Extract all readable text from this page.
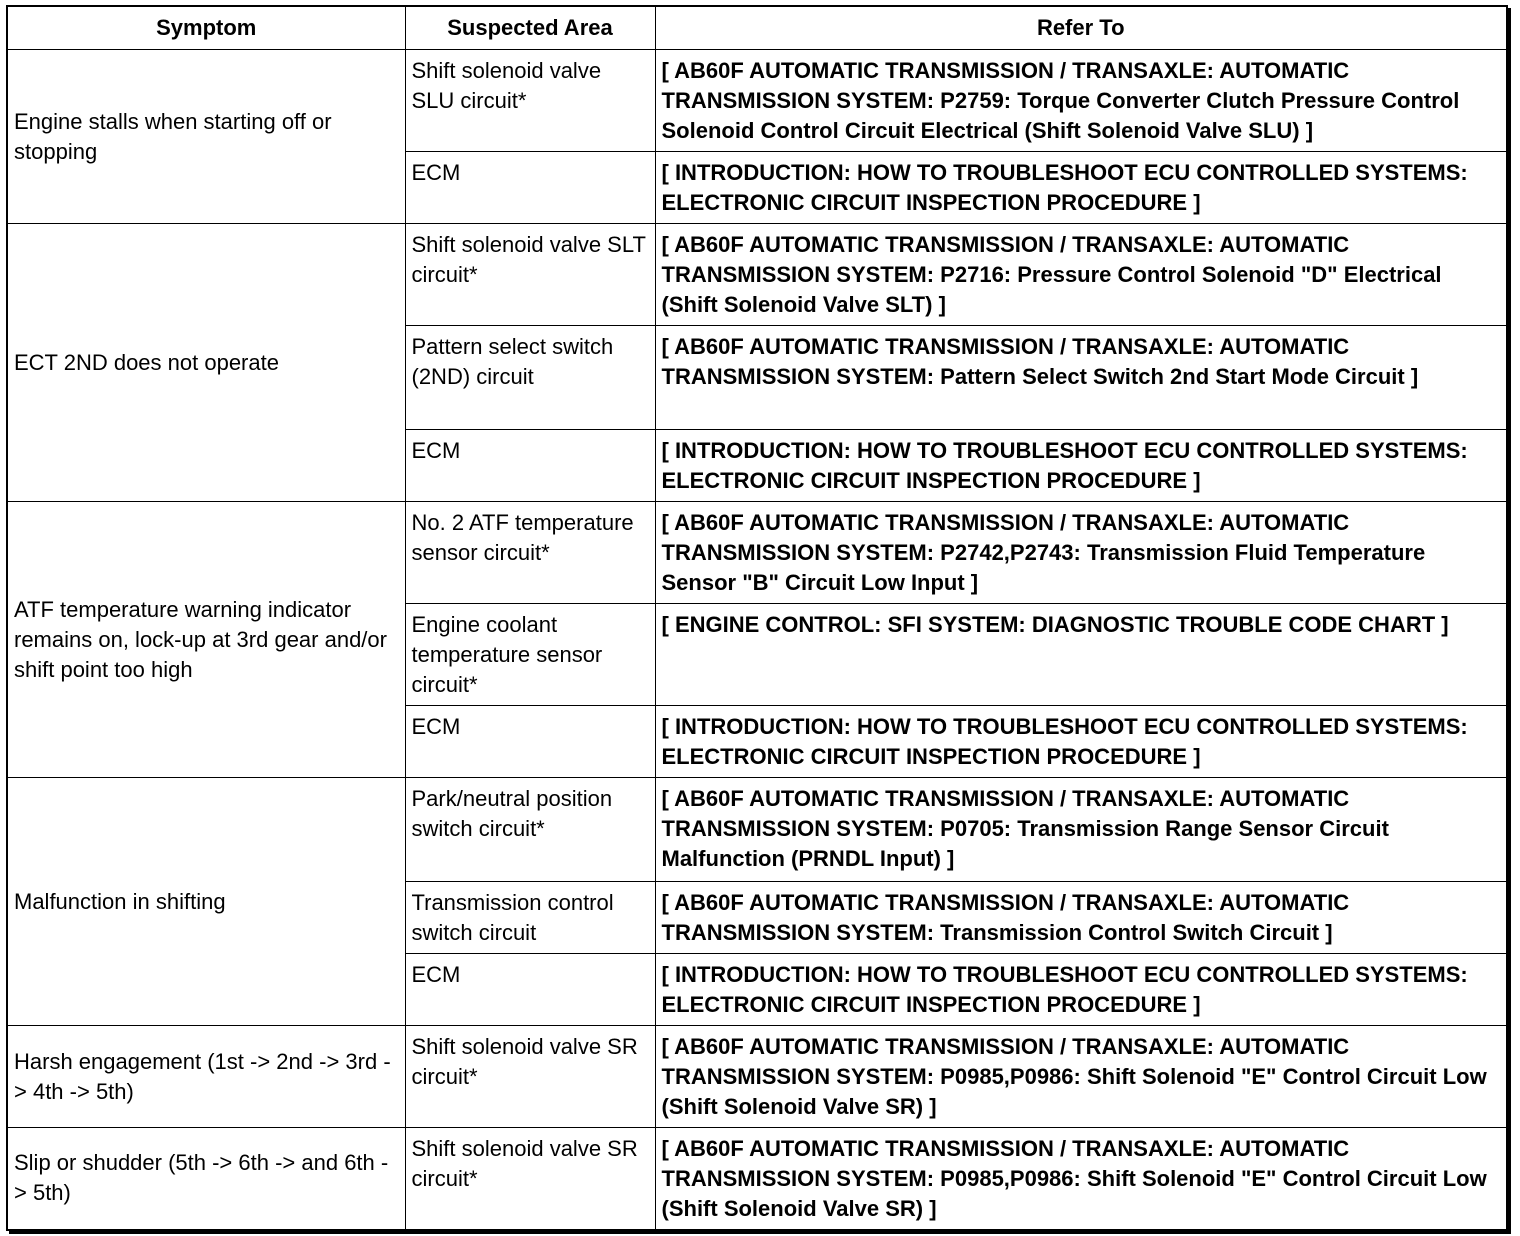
Symptom	Suspected Area	Refer To
Engine stalls when starting off or stopping	Shift solenoid valve SLU circuit*	[ AB60F AUTOMATIC TRANSMISSION / TRANSAXLE: AUTOMATIC TRANSMISSION SYSTEM: P2759: Torque Converter Clutch Pressure Control Solenoid Control Circuit Electrical (Shift Solenoid Valve SLU) ]
	ECM	[ INTRODUCTION: HOW TO TROUBLESHOOT ECU CONTROLLED SYSTEMS: ELECTRONIC CIRCUIT INSPECTION PROCEDURE ]
ECT 2ND does not operate	Shift solenoid valve SLT circuit*	[ AB60F AUTOMATIC TRANSMISSION / TRANSAXLE: AUTOMATIC TRANSMISSION SYSTEM: P2716: Pressure Control Solenoid "D" Electrical (Shift Solenoid Valve SLT) ]
	Pattern select switch (2ND) circuit	[ AB60F AUTOMATIC TRANSMISSION / TRANSAXLE: AUTOMATIC TRANSMISSION SYSTEM: Pattern Select Switch 2nd Start Mode Circuit ]
	ECM	[ INTRODUCTION: HOW TO TROUBLESHOOT ECU CONTROLLED SYSTEMS: ELECTRONIC CIRCUIT INSPECTION PROCEDURE ]
ATF temperature warning indicator remains on, lock-up at 3rd gear and/or shift point too high	No. 2 ATF temperature sensor circuit*	[ AB60F AUTOMATIC TRANSMISSION / TRANSAXLE: AUTOMATIC TRANSMISSION SYSTEM: P2742,P2743: Transmission Fluid Temperature Sensor "B" Circuit Low Input ]
	Engine coolant temperature sensor circuit*	[ ENGINE CONTROL: SFI SYSTEM: DIAGNOSTIC TROUBLE CODE CHART ]
	ECM	[ INTRODUCTION: HOW TO TROUBLESHOOT ECU CONTROLLED SYSTEMS: ELECTRONIC CIRCUIT INSPECTION PROCEDURE ]
Malfunction in shifting	Park/neutral position switch circuit*	[ AB60F AUTOMATIC TRANSMISSION / TRANSAXLE: AUTOMATIC TRANSMISSION SYSTEM: P0705: Transmission Range Sensor Circuit Malfunction (PRNDL Input) ]
	Transmission control switch circuit	[ AB60F AUTOMATIC TRANSMISSION / TRANSAXLE: AUTOMATIC TRANSMISSION SYSTEM: Transmission Control Switch Circuit ]
	ECM	[ INTRODUCTION: HOW TO TROUBLESHOOT ECU CONTROLLED SYSTEMS: ELECTRONIC CIRCUIT INSPECTION PROCEDURE ]
Harsh engagement (1st -> 2nd -> 3rd -> 4th -> 5th)	Shift solenoid valve SR circuit*	[ AB60F AUTOMATIC TRANSMISSION / TRANSAXLE: AUTOMATIC TRANSMISSION SYSTEM: P0985,P0986: Shift Solenoid "E" Control Circuit Low (Shift Solenoid Valve SR) ]
Slip or shudder (5th -> 6th -> and 6th -> 5th)	Shift solenoid valve SR circuit*	[ AB60F AUTOMATIC TRANSMISSION / TRANSAXLE: AUTOMATIC TRANSMISSION SYSTEM: P0985,P0986: Shift Solenoid "E" Control Circuit Low (Shift Solenoid Valve SR) ]
